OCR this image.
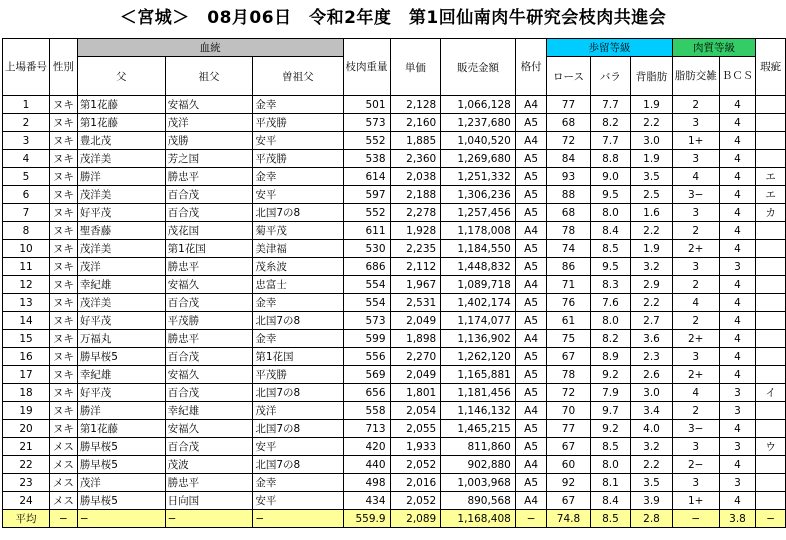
＜宮城＞　08月06日　令和2年度　第1回仙南肉牛研究会枝肉共進会
上場番号	性別	血統			枝肉重量	単価	販売金額	格付	歩留等級			肉質等級		瑕疵
		父	祖父	曽祖父					ロース	バラ	背脂肪	脂肪交雑	ＢＣＳ	
1	ヌキ	第1花藤	安福久	金幸	501	2,128	1,066,128	A4	77	7.7	1.9	2	4	
2	ヌキ	第1花藤	茂洋	平茂勝	573	2,160	1,237,680	A5	68	8.2	2.2	3	4	
3	ヌキ	豊北茂	茂勝	安平	552	1,885	1,040,520	A4	72	7.7	3.0	1+	4	
4	ヌキ	茂洋美	芳之国	平茂勝	538	2,360	1,269,680	A5	84	8.8	1.9	3	4	
5	ヌキ	勝洋	勝忠平	金幸	614	2,038	1,251,332	A5	93	9.0	3.5	4	4	エ
6	ヌキ	茂洋美	百合茂	安平	597	2,188	1,306,236	A5	88	9.5	2.5	3−	4	エ
7	ヌキ	好平茂	百合茂	北国7の8	552	2,278	1,257,456	A5	68	8.0	1.6	3	4	カ
8	ヌキ	聖香藤	茂花国	菊平茂	611	1,928	1,178,008	A4	78	8.4	2.2	2	4	
10	ヌキ	茂洋美	第1花国	美津福	530	2,235	1,184,550	A5	74	8.5	1.9	2+	4	
11	ヌキ	茂洋	勝忠平	茂糸波	686	2,112	1,448,832	A5	86	9.5	3.2	3	3	
12	ヌキ	幸紀雄	安福久	忠富士	554	1,967	1,089,718	A4	71	8.3	2.9	2	4	
13	ヌキ	茂洋美	百合茂	金幸	554	2,531	1,402,174	A5	76	7.6	2.2	4	4	
14	ヌキ	好平茂	平茂勝	北国7の8	573	2,049	1,174,077	A5	61	8.0	2.7	2	4	
15	ヌキ	万福丸	勝忠平	金幸	599	1,898	1,136,902	A4	75	8.2	3.6	2+	4	
16	ヌキ	勝早桜5	百合茂	第1花国	556	2,270	1,262,120	A5	67	8.9	2.3	3	4	
17	ヌキ	幸紀雄	安福久	平茂勝	569	2,049	1,165,881	A5	78	9.2	2.6	2+	4	
18	ヌキ	好平茂	百合茂	北国7の8	656	1,801	1,181,456	A5	72	7.9	3.0	4	3	イ
19	ヌキ	勝洋	幸紀雄	茂洋	558	2,054	1,146,132	A4	70	9.7	3.4	2	3	
20	ヌキ	第1花藤	安福久	北国7の8	713	2,055	1,465,215	A5	77	9.2	4.0	3−	4	
21	メス	勝早桜5	百合茂	安平	420	1,933	811,860	A5	67	8.5	3.2	3	3	ウ
22	メス	勝早桜5	茂波	北国7の8	440	2,052	902,880	A4	60	8.0	2.2	2−	4	
23	メス	茂洋	勝忠平	金幸	498	2,016	1,003,968	A5	92	8.1	3.5	3	3	
24	メス	勝早桜5	日向国	安平	434	2,052	890,568	A4	67	8.4	3.9	1+	4	
平均	−	−	−	−	559.9	2,089	1,168,408	−	74.8	8.5	2.8	−	3.8	−
